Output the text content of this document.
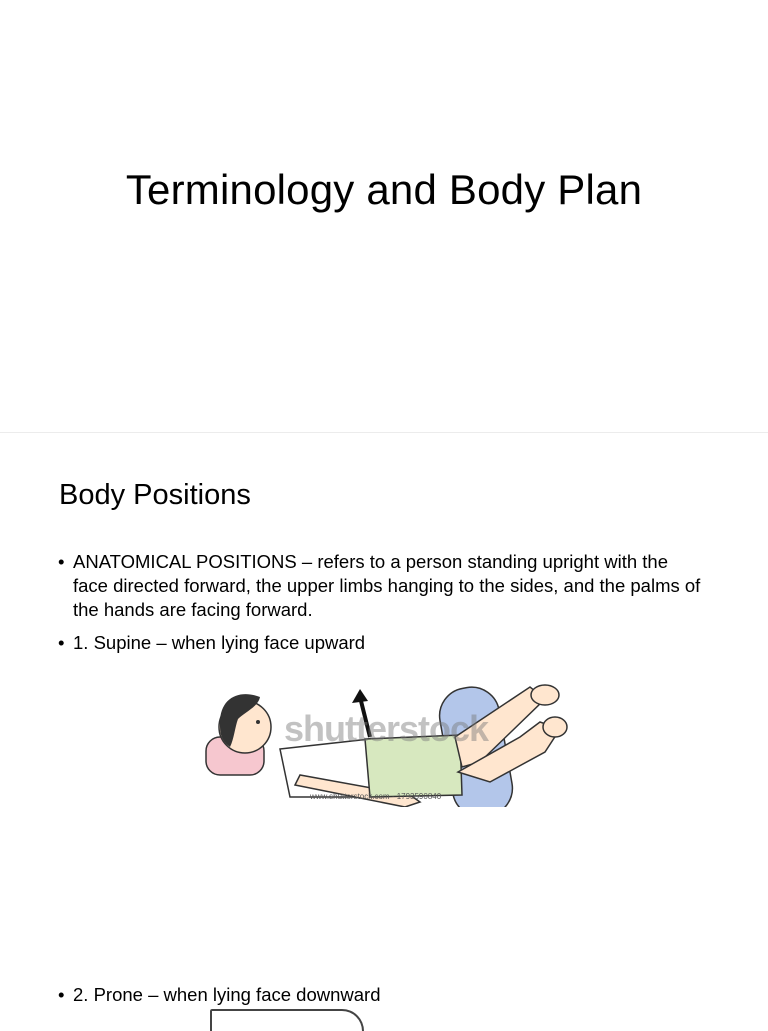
Terminology and Body Plan
Body Positions
• ANATOMICAL POSITIONS – refers to a person standing upright with the face directed forward, the upper limbs hanging to the sides, and the palms of the hands are facing forward.
• 1. Supine – when lying face upward
shutterstock
www.shutterstock.com · 1793590840
• 2. Prone – when lying face downward
